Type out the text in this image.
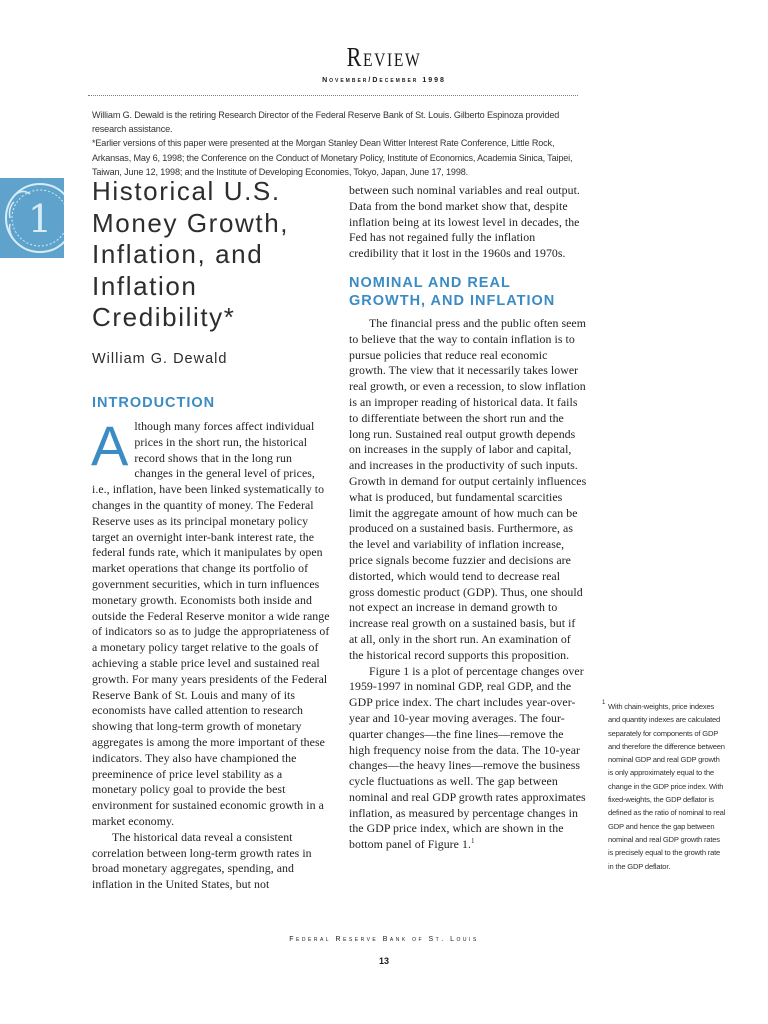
Review
November/December 1998

William G. Dewald is the retiring Research Director of the Federal Reserve Bank of St. Louis. Gilberto Espinoza provided research assistance.

*Earlier versions of this paper were presented at the Morgan Stanley Dean Witter Interest Rate Conference, Little Rock, Arkansas, May 6, 1998; the Conference on the Conduct of Monetary Policy, Institute of Economics, Academia Sinica, Taipei, Taiwan, June 12, 1998; and the Institute of Developing Economies, Tokyo, Japan, June 17, 1998.

1
Historical U.S. Money Growth, Inflation, and Inflation Credibility*
William G. Dewald
INTRODUCTION

Although many forces affect individual prices in the short run, the historical record shows that in the long run changes in the general level of prices, i.e., inflation, have been linked systematically to changes in the quantity of money. The Federal Reserve uses as its principal monetary policy target an overnight inter-bank interest rate, the federal funds rate, which it manipulates by open market operations that change its portfolio of government securities, which in turn influences monetary growth. Economists both inside and outside the Federal Reserve monitor a wide range of indicators so as to judge the appropriateness of a monetary policy target relative to the goals of achieving a stable price level and sustained real growth. For many years presidents of the Federal Reserve Bank of St. Louis and many of its economists have called attention to research showing that long-term growth of monetary aggregates is among the more important of these indicators. They also have championed the preeminence of price level stability as a monetary policy goal to provide the best environment for sustained economic growth in a market economy.

The historical data reveal a consistent correlation between long-term growth rates in broad monetary aggregates, spending, and inflation in the United States, but not

between such nominal variables and real output. Data from the bond market show that, despite inflation being at its lowest level in decades, the Fed has not regained fully the inflation credibility that it lost in the 1960s and 1970s.

NOMINAL AND REAL GROWTH, AND INFLATION

The financial press and the public often seem to believe that the way to contain inflation is to pursue policies that reduce real economic growth. The view that it necessarily takes lower real growth, or even a recession, to slow inflation is an improper reading of historical data. It fails to differentiate between the short run and the long run. Sustained real output growth depends on increases in the supply of labor and capital, and increases in the productivity of such inputs. Growth in demand for output certainly influences what is produced, but fundamental scarcities limit the aggregate amount of how much can be produced on a sustained basis. Furthermore, as the level and variability of inflation increase, price signals become fuzzier and decisions are distorted, which would tend to decrease real gross domestic product (GDP). Thus, one should not expect an increase in demand growth to increase real growth on a sustained basis, but if at all, only in the short run. An examination of the historical record supports this proposition.

Figure 1 is a plot of percentage changes over 1959-1997 in nominal GDP, real GDP, and the GDP price index. The chart includes year-over-year and 10-year moving averages. The four-quarter changes—the fine lines—remove the high frequency noise from the data. The 10-year changes—the heavy lines—remove the business cycle fluctuations as well. The gap between nominal and real GDP growth rates approximates inflation, as measured by percentage changes in the GDP price index, which are shown in the bottom panel of Figure 1.$^1$

1 With chain-weights, price indexes and quantity indexes are calculated separately for components of GDP and therefore the difference between nominal GDP and real GDP growth is only approximately equal to the change in the GDP price index. With fixed-weights, the GDP deflator is defined as the ratio of nominal to real GDP and hence the gap between nominal and real GDP growth rates is precisely equal to the growth rate in the GDP deflator.
Federal Reserve Bank of St. Louis
13
